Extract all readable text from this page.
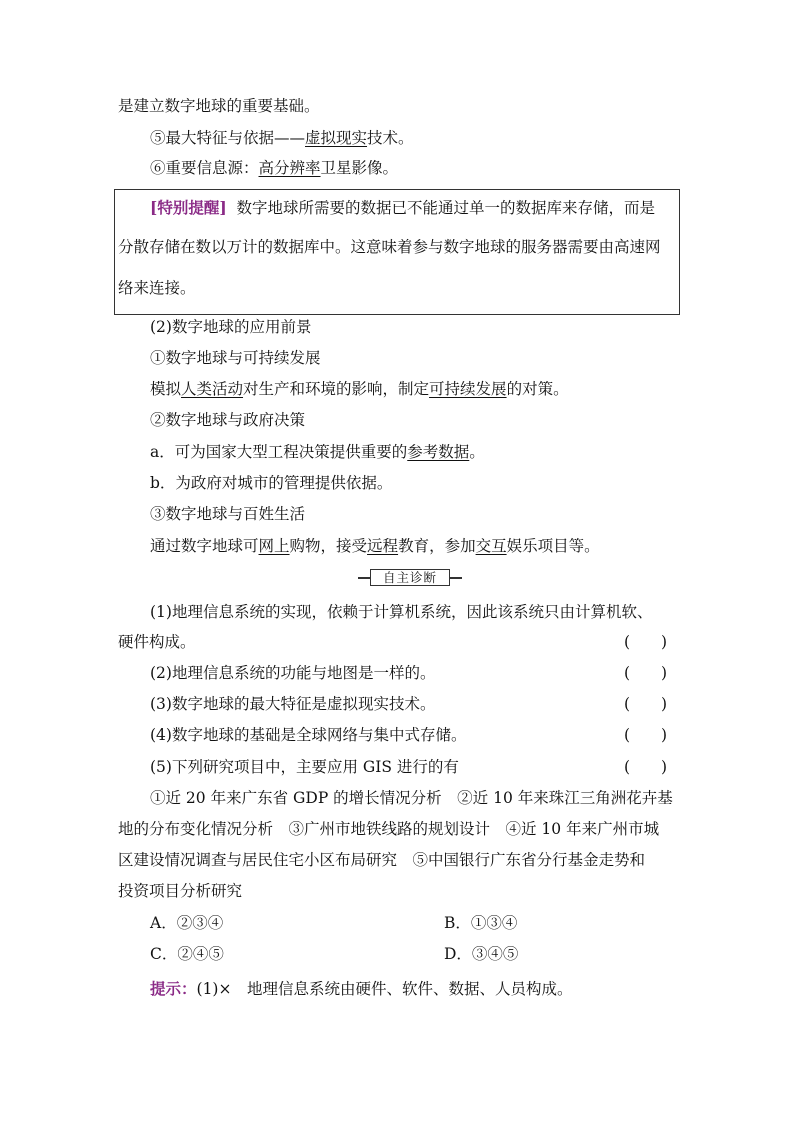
是建立数字地球的重要基础。
⑤最大特征与依据——虚拟现实技术。
⑥重要信息源：高分辨率卫星影像。
[特别提醒] 数字地球所需要的数据已不能通过单一的数据库来存储，而是
分散存储在数以万计的数据库中。这意味着参与数字地球的服务器需要由高速网
络来连接。
(2)数字地球的应用前景
①数字地球与可持续发展
模拟人类活动对生产和环境的影响，制定可持续发展的对策。
②数字地球与政府决策
a．可为国家大型工程决策提供重要的参考数据。
b．为政府对城市的管理提供依据。
③数字地球与百姓生活
通过数字地球可网上购物，接受远程教育，参加交互娱乐项目等。
自主诊断
(1)地理信息系统的实现，依赖于计算机系统，因此该系统只由计算机软、
硬件构成。	(　　)
(2)地理信息系统的功能与地图是一样的。	(　　)
(3)数字地球的最大特征是虚拟现实技术。	(　　)
(4)数字地球的基础是全球网络与集中式存储。	(　　)
(5)下列研究项目中，主要应用 GIS 进行的有	(　　)
①近 20 年来广东省 GDP 的增长情况分析　②近 10 年来珠江三角洲花卉基
地的分布变化情况分析　③广州市地铁线路的规划设计　④近 10 年来广州市城
区建设情况调查与居民住宅小区布局研究　⑤中国银行广东省分行基金走势和
投资项目分析研究
A．②③④	B．①③④
C．②④⑤	D．③④⑤
提示：(1)×　地理信息系统由硬件、软件、数据、人员构成。
